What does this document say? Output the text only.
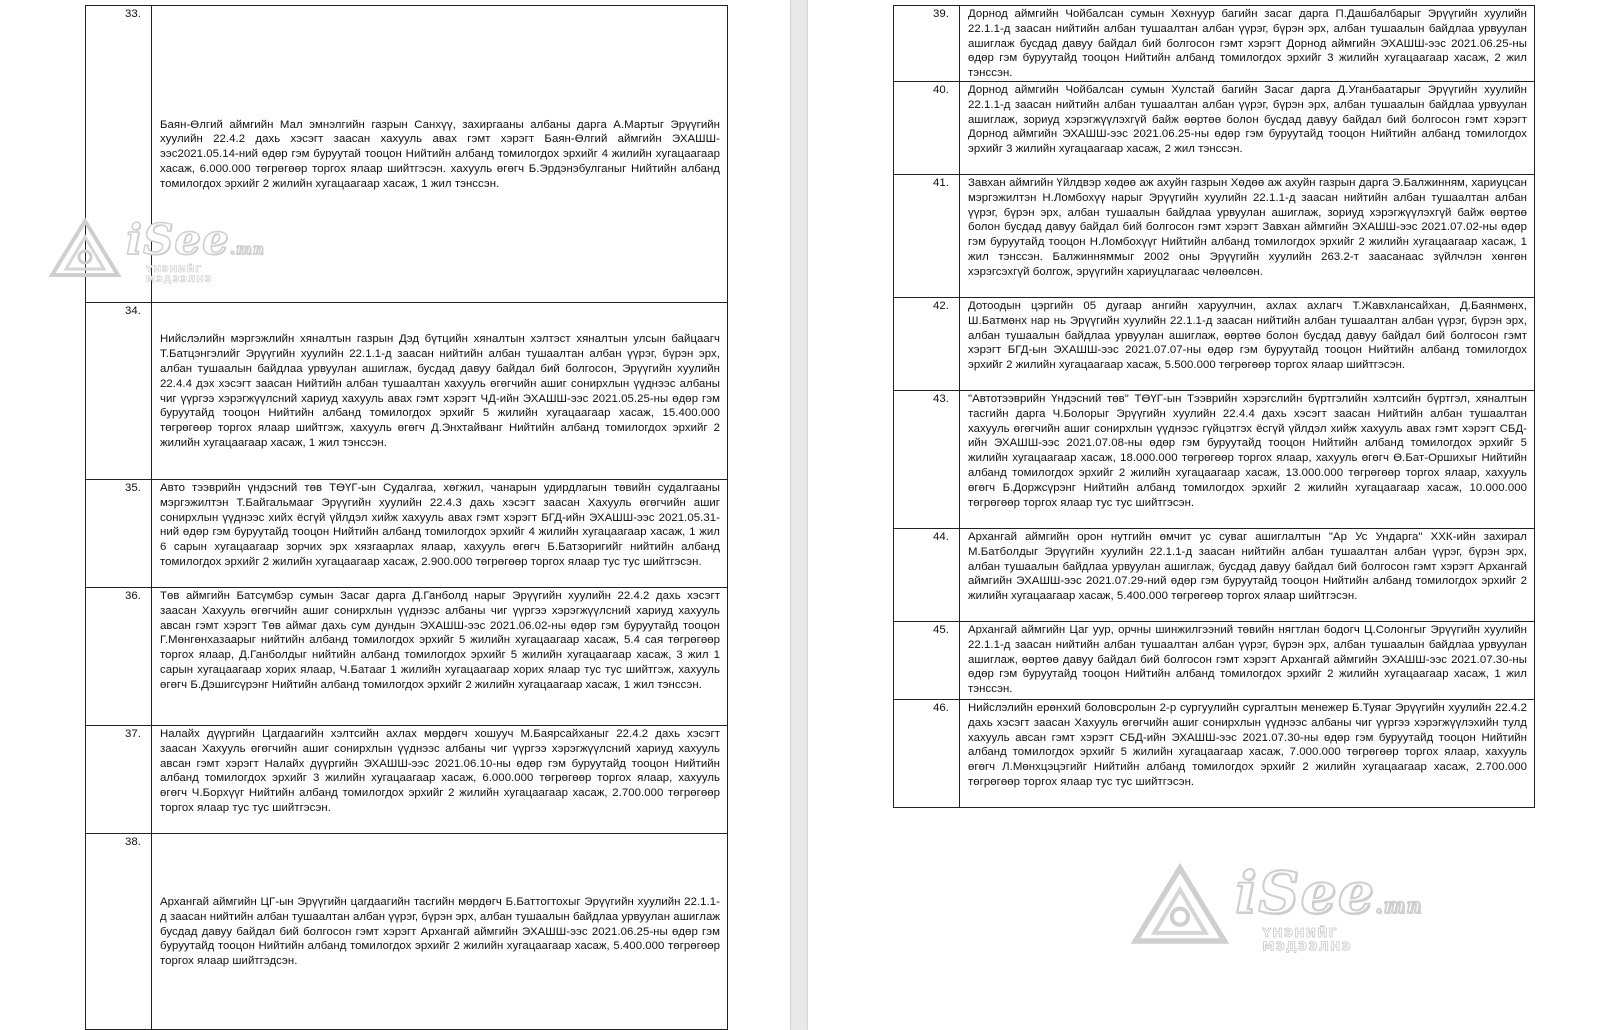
33.	Баян-Өлгий аймгийн Мал эмнэлгийн газрын Санхүү, захиргааны албаны дарга А.Мартыг Эрүүгийн хуулийн 22.4.2 дахь хэсэгт заасан хахууль авах гэмт хэрэгт Баян-Өлгий аймгийн ЭХАШШ-ээс2021.05.14-ний өдөр гэм буруутай тооцон Нийтийн албанд томилогдох эрхийг 4 жилийн хугацаагаар хасаж, 6.000.000 төгрөгөөр торгох ялаар шийтгэсэн. хахууль өгөгч Б.Эрдэнэбулганыг Нийтийн албанд томилогдох эрхийг 2 жилийн хугацаагаар хасаж, 1 жил тэнссэн.
34.	Нийслэлийн мэргэжлийн хяналтын газрын Дэд бүтцийн хяналтын хэлтэст хяналтын улсын байцаагч Т.Батцэнгэлийг Эрүүгийн хуулийн 22.1.1-д заасан нийтийн албан тушаалтан албан үүрэг, бүрэн эрх, албан тушаалын байдлаа урвуулан ашиглаж, бусдад давуу байдал бий болгосон, Эрүүгийн хуулийн 22.4.4 дэх хэсэгт заасан Нийтийн албан тушаалтан хахууль өгөгчийн ашиг сонирхлын үүднээс албаны чиг үүргээ хэрэгжүүлсний хариуд хахууль авах гэмт хэрэгт ЧД-ийн ЭХАШШ-ээс 2021.05.25-ны өдөр гэм буруутайд тооцон Нийтийн албанд томилогдох эрхийг 5 жилийн хугацаагаар хасаж, 15.400.000 төгрөгөөр торгох ялаар шийтгэж, хахууль өгөгч Д.Энхтайванг Нийтийн албанд томилогдох эрхийг 2 жилийн хугацаагаар хасаж, 1 жил тэнссэн.
35.	Авто тээврийн үндэсний төв ТӨҮГ-ын Судалгаа, хөгжил, чанарын удирдлагын төвийн судалгааны мэргэжилтэн Т.Байгальмааг Эрүүгийн хуулийн 22.4.3 дахь хэсэгт заасан Хахууль өгөгчийн ашиг сонирхлын үүднээс хийх ёсгүй үйлдэл хийж хахууль авах гэмт хэрэгт БГД-ийн ЭХАШШ-ээс 2021.05.31-ний өдөр гэм буруутайд тооцон Нийтийн албанд томилогдох эрхийг 4 жилийн хугацаагаар хасаж, 1 жил 6 сарын хугацаагаар зорчих эрх хязгаарлах ялаар, хахууль өгөгч Б.Батзоригийг нийтийн албанд томилогдох эрхийг 2 жилийн хугацаагаар хасаж, 2.900.000 төгрөгөөр торгох ялаар тус тус шийтгэсэн.
36.	Төв аймгийн Батсүмбэр сумын Засаг дарга Д.Ганболд нарыг Эрүүгийн хуулийн 22.4.2 дахь хэсэгт заасан Хахууль өгөгчийн ашиг сонирхлын үүднээс албаны чиг үүргээ хэрэгжүүлсний хариуд хахууль авсан гэмт хэрэгт Төв аймаг дахь сум дундын ЭХАШШ-ээс 2021.06.02-ны өдөр гэм буруутайд тооцон Г.Мөнгөнхазаарыг нийтийн албанд томилогдох эрхийг 5 жилийн хугацаагаар хасаж, 5.4 сая төгрөгөөр торгох ялаар, Д.Ганболдыг нийтийн албанд томилогдох эрхийг 5 жилийн хугацаагаар хасаж, 3 жил 1 сарын хугацаагаар хорих ялаар, Ч.Батааг 1 жилийн хугацаагаар хорих ялаар тус тус шийтгэж, хахууль өгөгч Б.Дэшигсүрэнг Нийтийн албанд томилогдох эрхийг 2 жилийн хугацаагаар хасаж, 1 жил тэнссэн.
37.	Налайх дүүргийн Цагдаагийн хэлтсийн ахлах мөрдөгч хошууч М.Баярсайханыг 22.4.2 дахь хэсэгт заасан Хахууль өгөгчийн ашиг сонирхлын үүднээс албаны чиг үүргээ хэрэгжүүлсний хариуд хахууль авсан гэмт хэрэгт Налайх дүүргийн ЭХАШШ-ээс 2021.06.10-ны өдөр гэм буруутайд тооцон Нийтийн албанд томилогдох эрхийг 3 жилийн хугацаагаар хасаж, 6.000.000 төгрөгөөр торгох ялаар, хахууль өгөгч Ч.Борхүүг Нийтийн албанд томилогдох эрхийг 2 жилийн хугацаагаар хасаж, 2.700.000 төгрөгөөр торгох ялаар тус тус шийтгэсэн.
38.	Архангай аймгийн ЦГ-ын Эрүүгийн цагдаагийн тасгийн мөрдөгч Б.Баттогтохыг Эрүүгийн хуулийн 22.1.1-д заасан нийтийн албан тушаалтан албан үүрэг, бүрэн эрх, албан тушаалын байдлаа урвуулан ашиглаж бусдад давуу байдал бий болгосон гэмт хэрэгт Архангай аймгийн ЭХАШШ-ээс 2021.06.25-ны өдөр гэм буруутайд тооцон Нийтийн албанд томилогдох эрхийг 2 жилийн хугацаагаар хасаж, 5.400.000 төгрөгөөр торгох ялаар шийтгэдсэн.
iSee.mn
ҮНЭНИЙГ МЭДЭЭЛНЭ
39.	Дорнод аймгийн Чойбалсан сумын Хөхнуур багийн засаг дарга П.Дашбалбарыг Эрүүгийн хуулийн 22.1.1-д заасан нийтийн албан тушаалтан албан үүрэг, бүрэн эрх, албан тушаалын байдлаа урвуулан ашиглаж бусдад давуу байдал бий болгосон гэмт хэрэгт Дорнод аймгийн ЭХАШШ-ээс 2021.06.25-ны өдөр гэм буруутайд тооцон Нийтийн албанд томилогдох эрхийг 3 жилийн хугацаагаар хасаж, 2 жил тэнссэн.
40.	Дорнод аймгийн Чойбалсан сумын Хулстай багийн Засаг дарга Д.Уганбаатарыг Эрүүгийн хуулийн 22.1.1-д заасан нийтийн албан тушаалтан албан үүрэг, бүрэн эрх, албан тушаалын байдлаа урвуулан ашиглаж, зориуд хэрэгжүүлэхгүй байж өөртөө болон бусдад давуу байдал бий болгосон гэмт хэрэгт Дорнод аймгийн ЭХАШШ-ээс 2021.06.25-ны өдөр гэм буруутайд тооцон Нийтийн албанд томилогдох эрхийг 3 жилийн хугацаагаар хасаж, 2 жил тэнссэн.
41.	Завхан аймгийн Үйлдвэр хөдөө аж ахуйн газрын Хөдөө аж ахуйн газрын дарга Э.Балжинням, хариуцсан мэргэжилтэн Н.Ломбохүү нарыг Эрүүгийн хуулийн 22.1.1-д заасан нийтийн албан тушаалтан албан үүрэг, бүрэн эрх, албан тушаалын байдлаа урвуулан ашиглаж, зориуд хэрэгжүүлэхгүй байж өөртөө болон бусдад давуу байдал бий болгосон гэмт хэрэгт Завхан аймгийн ЭХАШШ-ээс 2021.07.02-ны өдөр гэм буруутайд тооцон Н.Ломбохүүг Нийтийн албанд томилогдох эрхийг 2 жилийн хугацаагаар хасаж, 1 жил тэнссэн. Балжинняммыг 2002 оны Эрүүгийн хуулийн 263.2-т заасанаас зүйлчлэн хөнгөн хэрэгсэхгүй болгож, эрүүгийн хариуцлагаас чөлөөлсөн.
42.	Дотоодын цэргийн 05 дугаар ангийн харуулчин, ахлах ахлагч Т.Жавхлансайхан, Д.Баянмөнх, Ш.Батмөнх нар нь Эрүүгийн хуулийн 22.1.1-д заасан нийтийн албан тушаалтан албан үүрэг, бүрэн эрх, албан тушаалын байдлаа урвуулан ашиглаж, өөртөө болон бусдад давуу байдал бий болгосон гэмт хэрэгт БГД-ын ЭХАШШ-ээс 2021.07.07-ны өдөр гэм буруутайд тооцон Нийтийн албанд томилогдох эрхийг 2 жилийн хугацаагаар хасаж, 5.500.000 төгрөгөөр торгох ялаар шийтгэсэн.
43.	"Автотээврийн Үндэсний төв" ТӨҮГ-ын Тээврийн хэрэгслийн бүртгэлийн хэлтсийн бүртгэл, хяналтын тасгийн дарга Ч.Болорыг Эрүүгийн хуулийн 22.4.4 дахь хэсэгт заасан Нийтийн албан тушаалтан хахууль өгөгчийн ашиг сонирхлын үүднээс гүйцэтгэх ёсгүй үйлдэл хийж хахууль авах гэмт хэрэгт СБД-ийн ЭХАШШ-ээс 2021.07.08-ны өдөр гэм буруутайд тооцон Нийтийн албанд томилогдох эрхийг 5 жилийн хугацаагаар хасаж, 18.000.000 төгрөгөөр торгох ялаар, хахууль өгөгч Ө.Бат-Оршихыг Нийтийн албанд томилогдох эрхийг 2 жилийн хугацаагаар хасаж, 13.000.000 төгрөгөөр торгох ялаар, хахууль өгөгч Б.Доржсүрэнг Нийтийн албанд томилогдох эрхийг 2 жилийн хугацаагаар хасаж, 10.000.000 төгрөгөөр торгох ялаар тус тус шийтгэсэн.
44.	Архангай аймгийн орон нутгийн өмчит ус суваг ашиглалтын "Ар Ус Ундарга" ХХК-ийн захирал М.Батболдыг Эрүүгийн хуулийн 22.1.1-д заасан нийтийн албан тушаалтан албан үүрэг, бүрэн эрх, албан тушаалын байдлаа урвуулан ашиглаж, бусдад давуу байдал бий болгосон гэмт хэрэгт Архангай аймгийн ЭХАШШ-ээс 2021.07.29-ний өдөр гэм буруутайд тооцон Нийтийн албанд томилогдох эрхийг 2 жилийн хугацаагаар хасаж, 5.400.000 төгрөгөөр торгох ялаар шийтгэсэн.
45.	Архангай аймгийн Цаг уур, орчны шинжилгээний төвийн нягтлан бодогч Ц.Солонгыг Эрүүгийн хуулийн 22.1.1-д заасан нийтийн албан тушаалтан албан үүрэг, бүрэн эрх, албан тушаалын байдлаа урвуулан ашиглаж, өөртөө давуу байдал бий болгосон гэмт хэрэгт Архангай аймгийн ЭХАШШ-ээс 2021.07.30-ны өдөр гэм буруутайд тооцон Нийтийн албанд томилогдох эрхийг 2 жилийн хугацаагаар хасаж, 1 жил тэнссэн.
46.	Нийслэлийн ерөнхий боловсролын 2-р сургуулийн сургалтын менежер Б.Туяаг Эрүүгийн хуулийн 22.4.2 дахь хэсэгт заасан Хахууль өгөгчийн ашиг сонирхлын үүднээс албаны чиг үүргээ хэрэгжүүлэхийн тулд хахууль авсан гэмт хэрэгт СБД-ийн ЭХАШШ-ээс 2021.07.30-ны өдөр гэм буруутайд тооцон Нийтийн албанд томилогдох эрхийг 5 жилийн хугацаагаар хасаж, 7.000.000 төгрөгөөр торгох ялаар, хахууль өгөгч Л.Мөнхцэцэгийг Нийтийн албанд томилогдох эрхийг 2 жилийн хугацаагаар хасаж, 2.700.000 төгрөгөөр торгох ялаар тус тус шийтгэсэн.
iSee.mn
ҮНЭНИЙГ МЭДЭЭЛНЭ
